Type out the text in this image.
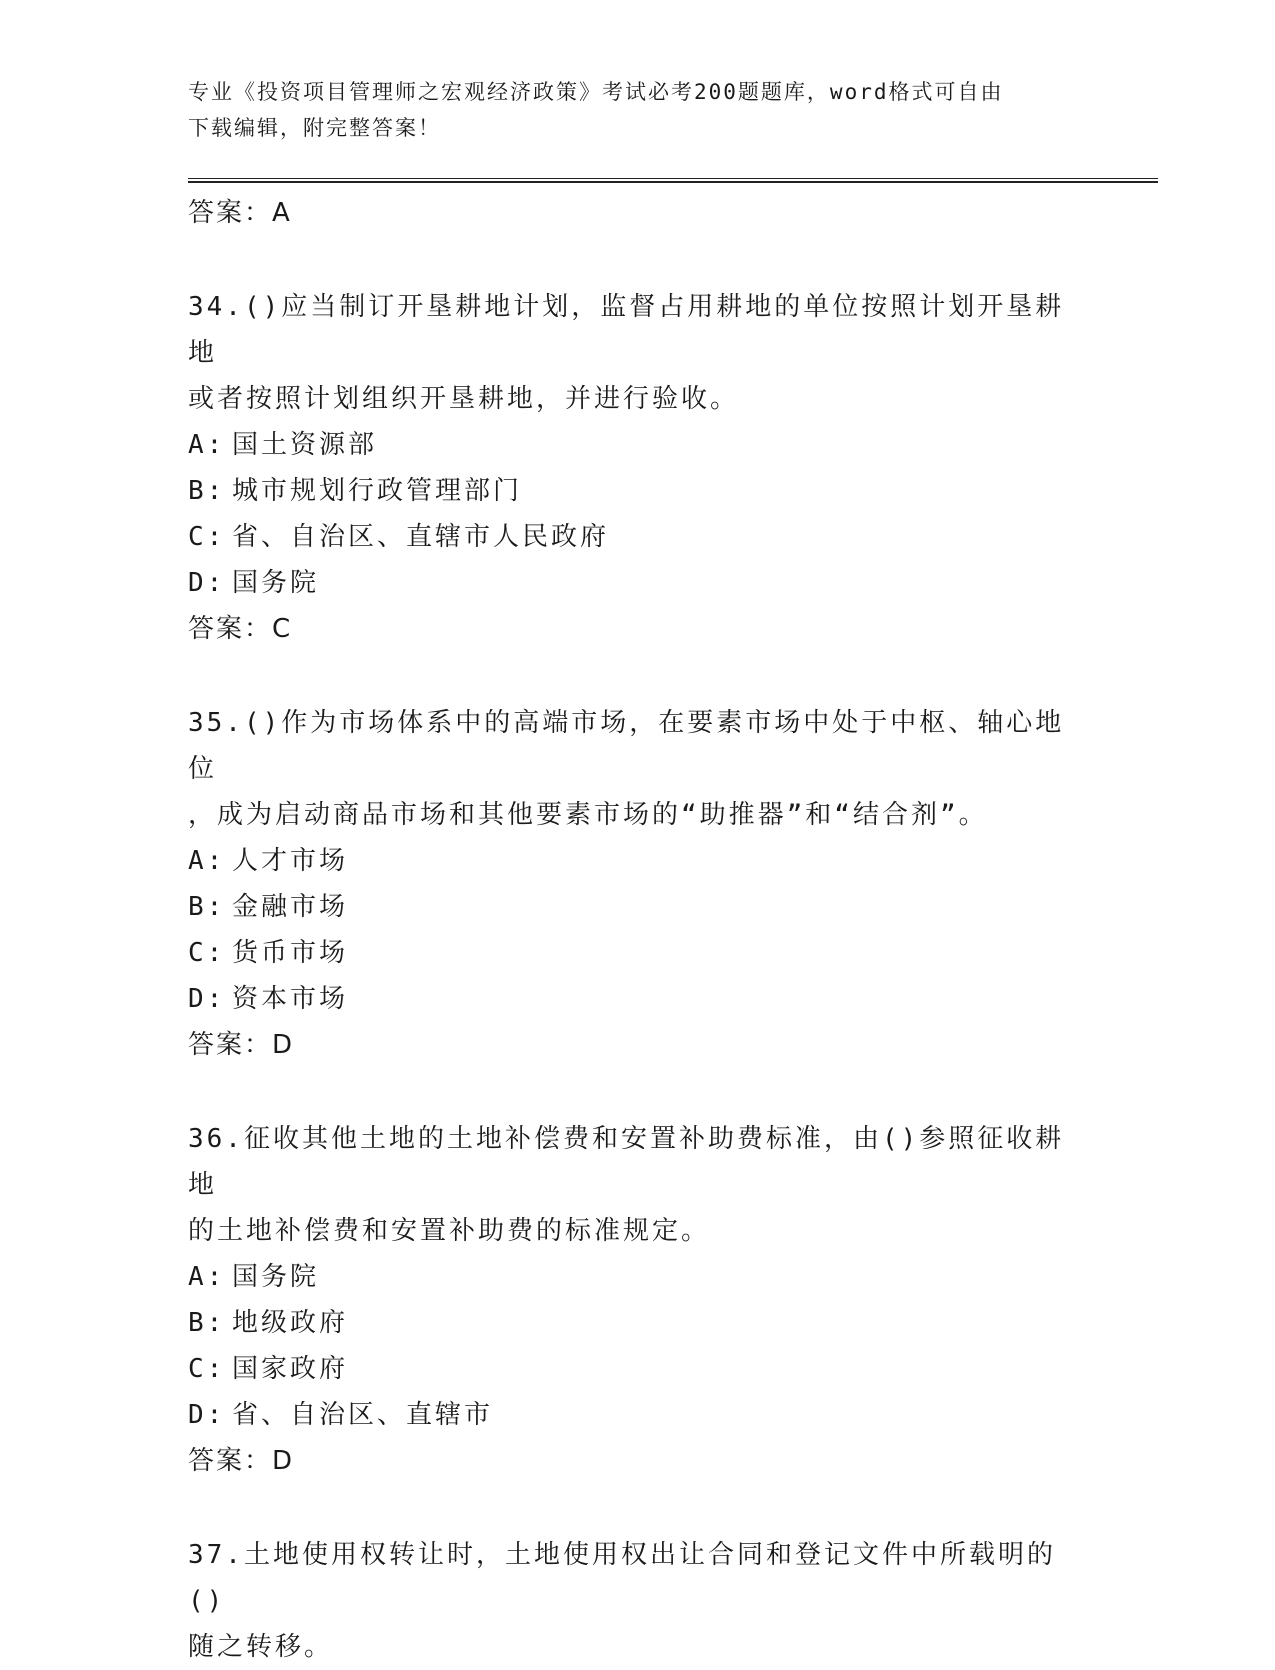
专业《投资项目管理师之宏观经济政策》考试必考200题题库，word格式可自由
下载编辑，附完整答案！
答案：A
34.()应当制订开垦耕地计划，监督占用耕地的单位按照计划开垦耕地
或者按照计划组织开垦耕地，并进行验收。
A: 国土资源部
B: 城市规划行政管理部门
C: 省、自治区、直辖市人民政府
D: 国务院
答案：C
35.()作为市场体系中的高端市场，在要素市场中处于中枢、轴心地位
，成为启动商品市场和其他要素市场的“助推器”和“结合剂”。
A: 人才市场
B: 金融市场
C: 货币市场
D: 资本市场
答案：D
36.征收其他土地的土地补偿费和安置补助费标准，由()参照征收耕地
的土地补偿费和安置补助费的标准规定。
A: 国务院
B: 地级政府
C: 国家政府
D: 省、自治区、直辖市
答案：D
37.土地使用权转让时，土地使用权出让合同和登记文件中所载明的()
随之转移。
